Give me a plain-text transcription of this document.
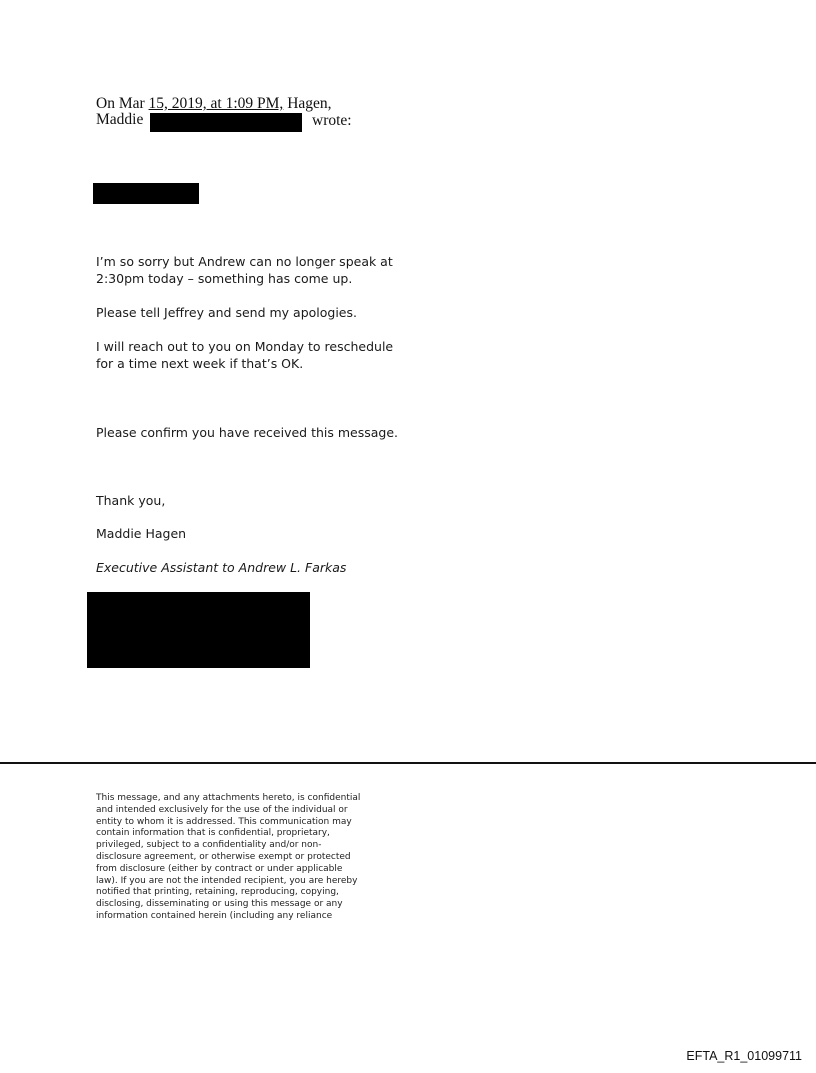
On Mar 15, 2019, at 1:09 PM, Hagen,
Maddie	wrote:
I’m so sorry but Andrew can no longer speak at
2:30pm today – something has come up.
Please tell Jeffrey and send my apologies.
I will reach out to you on Monday to reschedule
for a time next week if that’s OK.
Please confirm you have received this message.
Thank you,
Maddie Hagen
Executive Assistant to Andrew L. Farkas
This message, and any attachments hereto, is confidential
and intended exclusively for the use of the individual or
entity to whom it is addressed. This communication may
contain information that is confidential, proprietary,
privileged, subject to a confidentiality and/or non-
disclosure agreement, or otherwise exempt or protected
from disclosure (either by contract or under applicable
law). If you are not the intended recipient, you are hereby
notified that printing, retaining, reproducing, copying,
disclosing, disseminating or using this message or any
information contained herein (including any reliance
EFTA_R1_01099711
